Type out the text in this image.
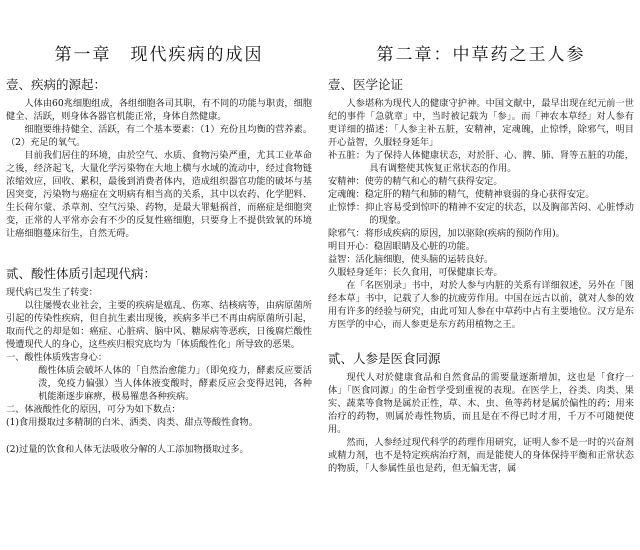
第一章　现代疾病的成因
壹、疾病的源起：

人体由60兆细胞组成，各组细胞各司其职，有不同的功能与职责，细胞健全、活跃，则身体各器官机能正常，身体自然健康。

细胞要维持健全、活跃，有二个基本要素：（1）充份且均衡的营养素。（2）充足的氧气。

目前我们居住的环境，由於空气、水质、食物污染严重，尤其工业革命之後，经济起飞，大量化学污染物在大地上横与水域的流动中，经过食物链浓缩效应，回收、累积，最後到消费者体内，造成组织器官功能的破坏与基因突变，污染物与癌症在文明病有相当高的关系，其中以农药、化学肥料、生长荷尔蒙、杀草剂、空气污染、药物，是最大罪魁祸首，而癌症是细胞突变，正常的人平常亦会有不少的反复性癌细胞，只要身上不提供致氧的环境让癌细胞蔓床衍生，自然无碍。

贰、酸性体质引起现代病：

现代病已发生了转变：

以往屡慢农业社会，主要的疾病是瘟乱、伤寒、结核病等，由病原菌所引起的传染性疾病，但自抗生素出现後，疾病多半已不再由病原菌所引起，取而代之的却是如：癌症、心脏病、脑中风、糖尿病等恶疾，日後腐烂酸性慢遭现代人的身心，这些疾归根究底均为「体质酸性化」所导致的恶果。

一、酸性体质残害身心：

酸性体质会破坏人体的「自然治愈能力」（即免疫力，酵素反应要活泼，免疫力偏强）当人体体液变酸时，酵素反应会变得迟钝，各种机能渐逐步麻痹，极易罹患各种疾病。

二、体液酸性化的原因，可分为如下数点：

(1)食用摄取过多精制的白米、洒类、肉类、甜点等酸性食物。

(2)过量的饮食和人体无法吸收分解的人工添加物摄取过多。

第二章：中草药之王人参
壹、医学论证

人参堪称为现代人的健康守护神。中国文献中，最早出现在纪元前一世纪的事件「急就章」中，当时被记载为「参」。而「神农本草经」对人参有更详细的描述：「人参主补五脏，安精神，定魂魄，止惊悸，除邪气，明目开心益智，久服轻身延年」

补五脏：为了保持人体健康状态，对於肝、心、脾、肺、肾等五脏的功能，具有调整使其恢复正常状态的作用。

安精神：使劳的精气和心的精气获得安定。

定魂魄：稳定肝的精气和肺的精气，使精神衰弱的身心获得安定。

止惊悸：抑止容易受到惊吓的精神不安定的状态，以及胸部苦闷、心脏悸动的现象。

除邪气：将形成疾病的原因，加以驱除(疾病的预防作用)。

明目开心：稳固眼睛及心脏的功能。

益智：活化脑细胞，使头脑的运转良好。

久服轻身延年：长久食用，可保健康长寿。

在「名医别录」书中，对於人参与内脏的关系有详细叙述，另外在「图经本草」书中，记载了人参的抗疲劳作用。中国在远古以前，就对人参的效用有许多的经验与研究，由此可知人参在中草药中占有主要地位。汉方是东方医学的中心，而人参更是东方药用植物之王。

贰、人参是医食同源

现代人对於健康食品和自然食品的需要量逐渐增加，这也是「食疗一体」「医食同源」的生命哲学受到重视的表现。在医学上，谷类、肉类、果实、蔬菜等食物是属於正性，草、木、虫、鱼等药材是属於偏性的药；用来治疗的药物，则属於毒性物质，而且是在不得已时才用，千万不可随便使用。

然而，人参经过现代科学的药理作用研究，证明人参不是一时的兴奋剂或精力剂，也不是特定疾病治疗剂，而是能使人的身体保持平衡和正常状态的物质，「人参属性虽也是药，但无偏无害，属
